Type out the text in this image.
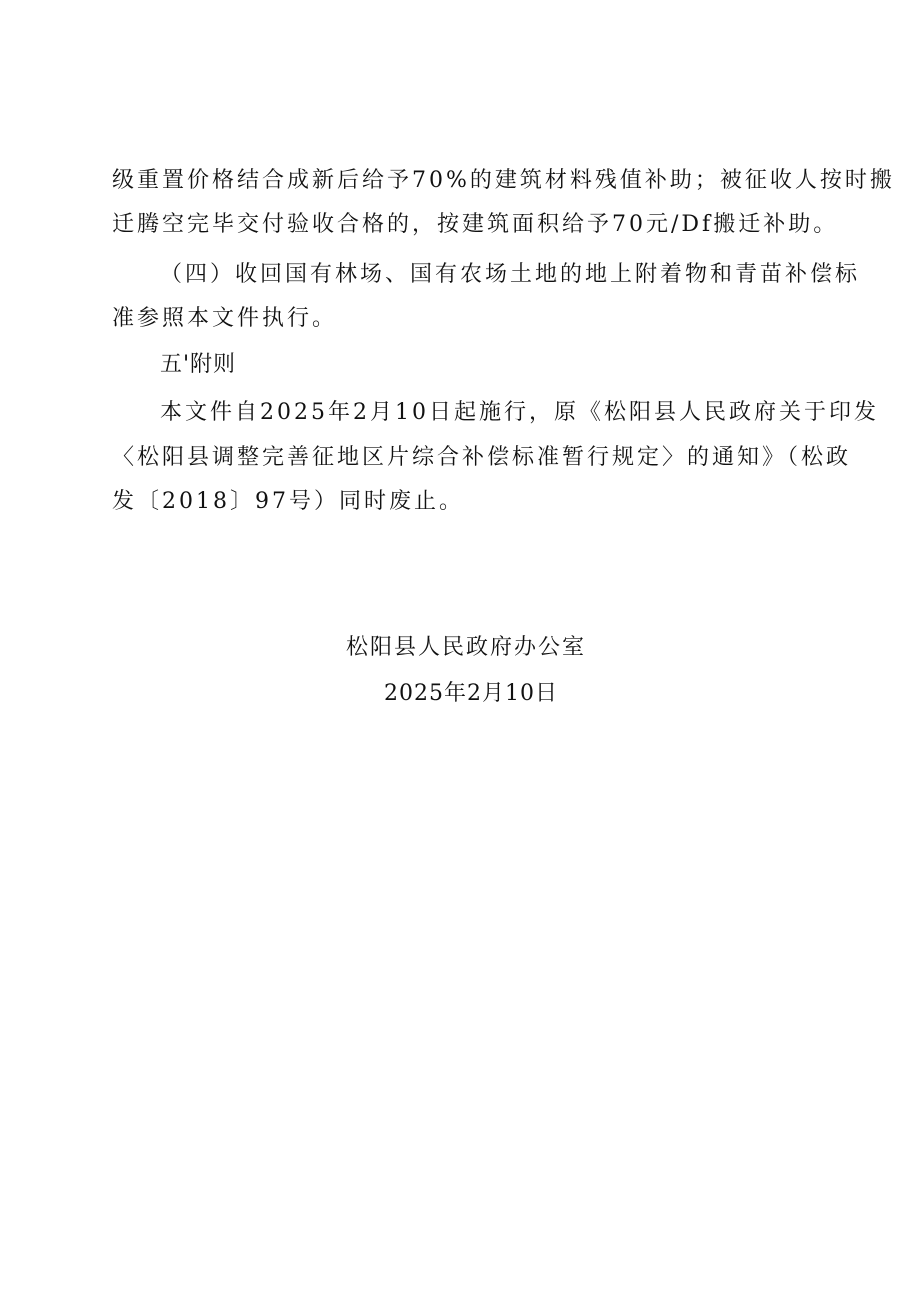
级重置价格结合成新后给予70%的建筑材料残值补助；被征收人按时搬
迁腾空完毕交付验收合格的，按建筑面积给予70元/Df搬迁补助。
（四）收回国有林场、国有农场土地的地上附着物和青苗补偿标
准参照本文件执行。
五'附则
本文件自2025年2月10日起施行，原《松阳县人民政府关于印发
〈松阳县调整完善征地区片综合补偿标准暂行规定〉的通知》（松政
发〔2018〕97号）同时废止。
松阳县人民政府办公室
2025年2月10日
